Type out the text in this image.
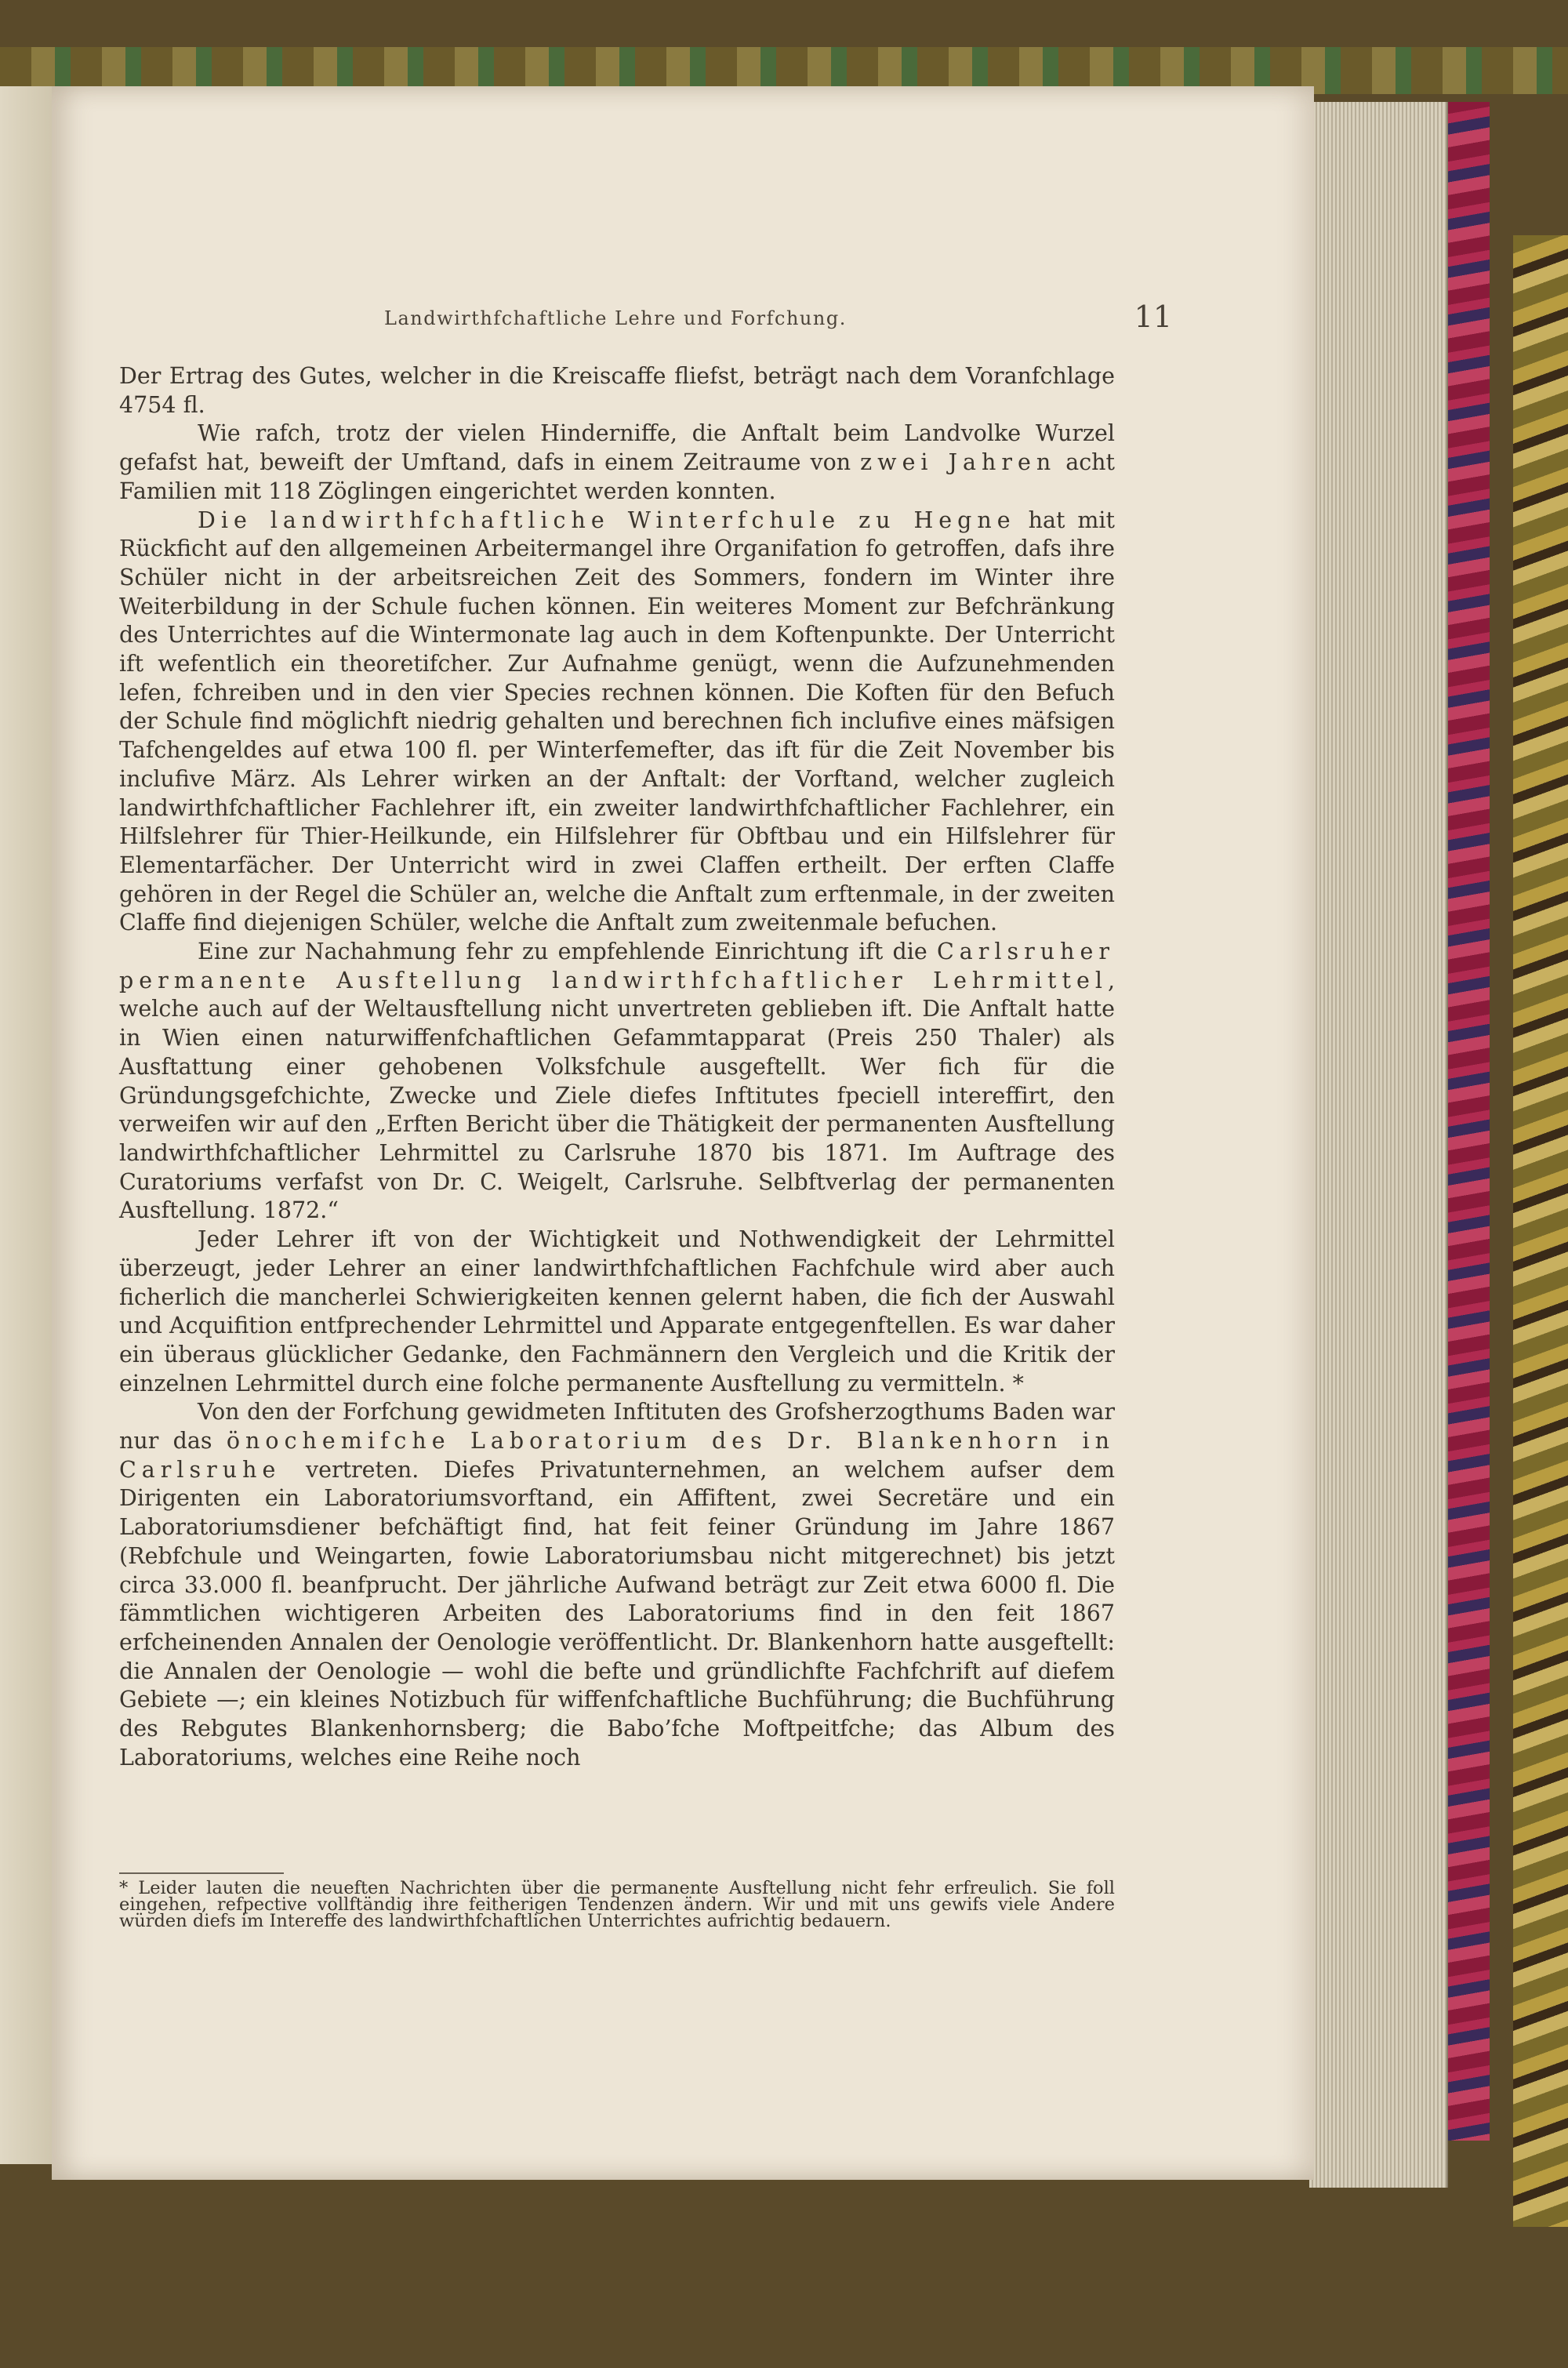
Landwirthfchaftliche Lehre und Forfchung.	11

Der Ertrag des Gutes, welcher in die Kreiscaffe fliefst, beträgt nach dem Voranfchlage 4754 fl.

Wie rafch, trotz der vielen Hinderniffe, die Anftalt beim Landvolke Wurzel gefafst hat, beweift der Umftand, dafs in einem Zeitraume von zwei Jahren acht Familien mit 118 Zöglingen eingerichtet werden konnten.

Die landwirthfchaftliche Winterfchule zu Hegne hat mit Rückficht auf den allgemeinen Arbeitermangel ihre Organifation fo getroffen, dafs ihre Schüler nicht in der arbeitsreichen Zeit des Sommers, fondern im Winter ihre Weiterbildung in der Schule fuchen können. Ein weiteres Moment zur Befchränkung des Unterrichtes auf die Wintermonate lag auch in dem Koftenpunkte. Der Unterricht ift wefentlich ein theoretifcher. Zur Aufnahme genügt, wenn die Aufzunehmenden lefen, fchreiben und in den vier Species rechnen können. Die Koften für den Befuch der Schule find möglichft niedrig gehalten und berechnen fich inclufive eines mäfsigen Tafchengeldes auf etwa 100 fl. per Winterfemefter, das ift für die Zeit November bis inclufive März. Als Lehrer wirken an der Anftalt: der Vorftand, welcher zugleich landwirthfchaftlicher Fachlehrer ift, ein zweiter landwirthfchaftlicher Fachlehrer, ein Hilfslehrer für Thier-Heilkunde, ein Hilfslehrer für Obftbau und ein Hilfslehrer für Elementarfächer. Der Unterricht wird in zwei Claffen ertheilt. Der erften Claffe gehören in der Regel die Schüler an, welche die Anftalt zum erftenmale, in der zweiten Claffe find diejenigen Schüler, welche die Anftalt zum zweitenmale befuchen.

Eine zur Nachahmung fehr zu empfehlende Einrichtung ift die Carlsruher permanente Ausftellung landwirthfchaftlicher Lehrmittel, welche auch auf der Weltausftellung nicht unvertreten geblieben ift. Die Anftalt hatte in Wien einen naturwiffenfchaftlichen Gefammtapparat (Preis 250 Thaler) als Ausftattung einer gehobenen Volksfchule ausgeftellt. Wer fich für die Gründungsgefchichte, Zwecke und Ziele diefes Inftitutes fpeciell intereffirt, den verweifen wir auf den „Erften Bericht über die Thätigkeit der permanenten Ausftellung landwirthfchaftlicher Lehrmittel zu Carlsruhe 1870 bis 1871. Im Auftrage des Curatoriums verfafst von Dr. C. Weigelt, Carlsruhe. Selbftverlag der permanenten Ausftellung. 1872.“

Jeder Lehrer ift von der Wichtigkeit und Nothwendigkeit der Lehrmittel überzeugt, jeder Lehrer an einer landwirthfchaftlichen Fachfchule wird aber auch ficherlich die mancherlei Schwierigkeiten kennen gelernt haben, die fich der Auswahl und Acquifition entfprechender Lehrmittel und Apparate entgegenftellen. Es war daher ein überaus glücklicher Gedanke, den Fachmännern den Vergleich und die Kritik der einzelnen Lehrmittel durch eine folche permanente Ausftellung zu vermitteln. *

Von den der Forfchung gewidmeten Inftituten des Grofsherzogthums Baden war nur das önochemifche Laboratorium des Dr. Blankenhorn in Carlsruhe vertreten. Diefes Privatunternehmen, an welchem aufser dem Dirigenten ein Laboratoriumsvorftand, ein Affiftent, zwei Secretäre und ein Laboratoriumsdiener befchäftigt find, hat feit feiner Gründung im Jahre 1867 (Rebfchule und Weingarten, fowie Laboratoriumsbau nicht mitgerechnet) bis jetzt circa 33.000 fl. beanfprucht. Der jährliche Aufwand beträgt zur Zeit etwa 6000 fl. Die fämmtlichen wichtigeren Arbeiten des Laboratoriums find in den feit 1867 erfcheinenden Annalen der Oenologie veröffentlicht. Dr. Blankenhorn hatte ausgeftellt: die Annalen der Oenologie — wohl die befte und gründlichfte Fachfchrift auf diefem Gebiete —; ein kleines Notizbuch für wiffenfchaftliche Buchführung; die Buchführung des Rebgutes Blankenhornsberg; die Babo’fche Moftpeitfche; das Album des Laboratoriums, welches eine Reihe noch

* Leider lauten die neueften Nachrichten über die permanente Ausftellung nicht fehr erfreulich. Sie foll eingehen, refpective vollftändig ihre feitherigen Tendenzen ändern. Wir und mit uns gewifs viele Andere würden diefs im Intereffe des landwirthfchaftlichen Unterrichtes aufrichtig bedauern.
